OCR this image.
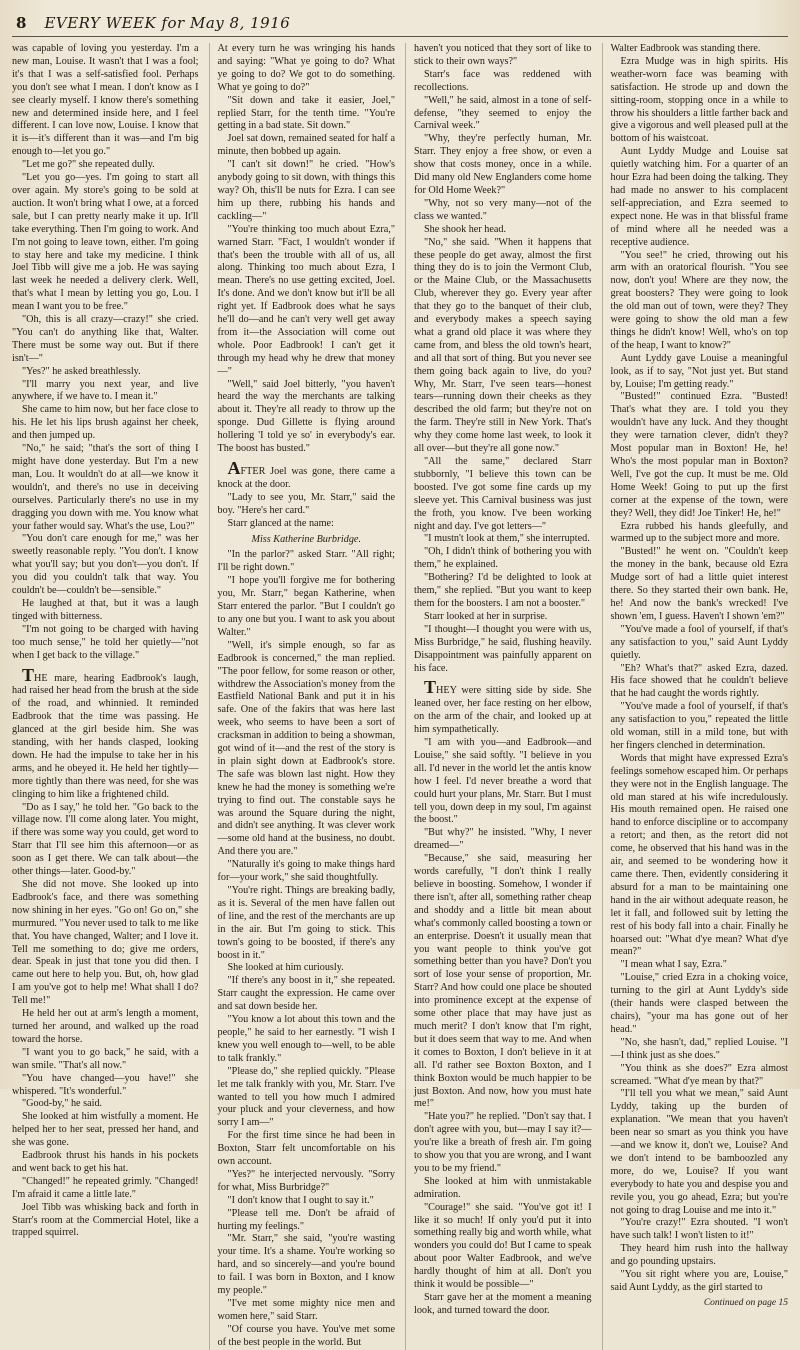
8 EVERY WEEK for May 8, 1916

was capable of loving you yesterday. I'm a new man, Louise. It wasn't that I was a fool; it's that I was a self-satisfied fool. Perhaps you don't see what I mean. I don't know as I see clearly myself. I know there's something new and determined inside here, and I feel different. I can love now, Louise. I know that it is—it's different than it was—and I'm big enough to—let you go."

"Let me go?" she repeated dully.

"Let you go—yes. I'm going to start all over again. My store's going to be sold at auction. It won't bring what I owe, at a forced sale, but I can pretty nearly make it up. It'll take everything. Then I'm going to work. And I'm not going to leave town, either. I'm going to stay here and take my medicine. I think Joel Tibb will give me a job. He was saying last week he needed a delivery clerk. Well, that's what I mean by letting you go, Lou. I mean I want you to be free."

"Oh, this is all crazy—crazy!" she cried. "You can't do anything like that, Walter. There must be some way out. But if there isn't—"

"Yes?" he asked breathlessly.

"I'll marry you next year, and live anywhere, if we have to. I mean it."

She came to him now, but her face close to his. He let his lips brush against her cheek, and then jumped up.

"No," he said; "that's the sort of thing I might have done yesterday. But I'm a new man, Lou. It wouldn't do at all—we know it wouldn't, and there's no use in deceiving ourselves. Particularly there's no use in my dragging you down with me. You know what your father would say. What's the use, Lou?"

"You don't care enough for me," was her sweetly reasonable reply. "You don't. I know what you'll say; but you don't—you don't. If you did you couldn't talk that way. You couldn't be—couldn't be—sensible."

He laughed at that, but it was a laugh tinged with bitterness.

"I'm not going to be charged with having too much sense," he told her quietly—"not when I get back to the village."

THE mare, hearing Eadbrook's laugh, had raised her head from the brush at the side of the road, and whinnied. It reminded Eadbrook that the time was passing. He glanced at the girl beside him. She was standing, with her hands clasped, looking down. He had the impulse to take her in his arms, and he obeyed it. He held her tightly—more tightly than there was need, for she was clinging to him like a frightened child.

"Do as I say," he told her. "Go back to the village now. I'll come along later. You might, if there was some way you could, get word to Starr that I'll see him this afternoon—or as soon as I get there. We can talk about—the other things—later. Good-by."

She did not move. She looked up into Eadbrook's face, and there was something now shining in her eyes. "Go on! Go on," she murmured. "You never used to talk to me like that. You have changed, Walter; and I love it. Tell me something to do; give me orders, dear. Speak in just that tone you did then. I came out here to help you. But, oh, how glad I am you've got to help me! What shall I do? Tell me!"

He held her out at arm's length a moment, turned her around, and walked up the road toward the horse.

"I want you to go back," he said, with a wan smile. "That's all now."

"You have changed—you have!" she whispered. "It's wonderful."

"Good-by," he said.

She looked at him wistfully a moment. He helped her to her seat, pressed her hand, and she was gone.

Eadbrook thrust his hands in his pockets and went back to get his hat.

"Changed!" he repeated grimly. "Changed! I'm afraid it came a little late."

Joel Tibb was whisking back and forth in Starr's room at the Commercial Hotel, like a trapped squirrel.

At every turn he was wringing his hands and saying: "What ye going to do? What ye going to do? We got to do something. What ye going to do?"

"Sit down and take it easier, Joel," replied Starr, for the tenth time. "You're getting in a bad state. Sit down."

Joel sat down, remained seated for half a minute, then bobbed up again.

"I can't sit down!" he cried. "How's anybody going to sit down, with things this way? Oh, this'll be nuts for Ezra. I can see him up there, rubbing his hands and cackling—"

"You're thinking too much about Ezra," warned Starr. "Fact, I wouldn't wonder if that's been the trouble with all of us, all along. Thinking too much about Ezra, I mean. There's no use getting excited, Joel. It's done. And we don't know but it'll be all right yet. If Eadbrook does what he says he'll do—and he can't very well get away from it—the Association will come out whole. Poor Eadbrook! I can't get it through my head why he drew that money—"

"Well," said Joel bitterly, "you haven't heard the way the merchants are talking about it. They're all ready to throw up the sponge. Dud Gillette is flying around hollering 'I told ye so' in everybody's ear. The boost has busted."

AFTER Joel was gone, there came a knock at the door.

"Lady to see you, Mr. Starr," said the boy. "Here's her card."

Starr glanced at the name:

Miss Katherine Burbridge.

"In the parlor?" asked Starr. "All right; I'll be right down."

"I hope you'll forgive me for bothering you, Mr. Starr," began Katherine, when Starr entered the parlor. "But I couldn't go to any one but you. I want to ask you about Walter."

"Well, it's simple enough, so far as Eadbrook is concerned," the man replied. "The poor fellow, for some reason or other, withdrew the Association's money from the Eastfield National Bank and put it in his safe. One of the fakirs that was here last week, who seems to have been a sort of cracksman in addition to being a showman, got wind of it—and the rest of the story is in plain sight down at Eadbrook's store. The safe was blown last night. How they knew he had the money is something we're trying to find out. The constable says he was around the Square during the night, and didn't see anything. It was clever work—some old hand at the business, no doubt. And there you are."

"Naturally it's going to make things hard for—your work," she said thoughtfully.

"You're right. Things are breaking badly, as it is. Several of the men have fallen out of line, and the rest of the merchants are up in the air. But I'm going to stick. This town's going to be boosted, if there's any boost in it."

She looked at him curiously.

"If there's any boost in it," she repeated. Starr caught the expression. He came over and sat down beside her.

"You know a lot about this town and the people," he said to her earnestly. "I wish I knew you well enough to—well, to be able to talk frankly."

"Please do," she replied quickly. "Please let me talk frankly with you, Mr. Starr. I've wanted to tell you how much I admired your pluck and your cleverness, and how sorry I am—"

For the first time since he had been in Boxton, Starr felt uncomfortable on his own account.

"Yes?" he interjected nervously. "Sorry for what, Miss Burbridge?"

"I don't know that I ought to say it."

"Please tell me. Don't be afraid of hurting my feelings."

"Mr. Starr," she said, "you're wasting your time. It's a shame. You're working so hard, and so sincerely—and you're bound to fail. I was born in Boxton, and I know my people."

"I've met some mighty nice men and women here," said Starr.

"Of course you have. You've met some of the best people in the world. But

haven't you noticed that they sort of like to stick to their own ways?"

Starr's face was reddened with recollections.

"Well," he said, almost in a tone of self-defense, "they seemed to enjoy the Carnival week."

"Why, they're perfectly human, Mr. Starr. They enjoy a free show, or even a show that costs money, once in a while. Did many old New Englanders come home for Old Home Week?"

"Why, not so very many—not of the class we wanted."

She shook her head.

"No," she said. "When it happens that these people do get away, almost the first thing they do is to join the Vermont Club, or the Maine Club, or the Massachusetts Club, wherever they go. Every year after that they go to the banquet of their club, and everybody makes a speech saying what a grand old place it was where they came from, and bless the old town's heart, and all that sort of thing. But you never see them going back again to live, do you? Why, Mr. Starr, I've seen tears—honest tears—running down their cheeks as they described the old farm; but they're not on the farm. They're still in New York. That's why they come home last week, to look it all over—but they're all gone now."

"All the same," declared Starr stubbornly, "I believe this town can be boosted. I've got some fine cards up my sleeve yet. This Carnival business was just the froth, you know. I've been working night and day. I've got letters—"

"I mustn't look at them," she interrupted.

"Oh, I didn't think of bothering you with them," he explained.

"Bothering? I'd be delighted to look at them," she replied. "But you want to keep them for the boosters. I am not a booster."

Starr looked at her in surprise.

"I thought—I thought you were with us, Miss Burbridge," he said, flushing heavily. Disappointment was painfully apparent on his face.

THEY were sitting side by side. She leaned over, her face resting on her elbow, on the arm of the chair, and looked up at him sympathetically.

"I am with you—and Eadbrook—and Louise," she said softly. "I believe in you all. I'd never in the world let the antis know how I feel. I'd never breathe a word that could hurt your plans, Mr. Starr. But I must tell you, down deep in my soul, I'm against the boost."

"But why?" he insisted. "Why, I never dreamed—"

"Because," she said, measuring her words carefully, "I don't think I really believe in boosting. Somehow, I wonder if there isn't, after all, something rather cheap and shoddy and a little bit mean about what's commonly called boosting a town or an enterprise. Doesn't it usually mean that you want people to think you've got something better than you have? Don't you sort of lose your sense of proportion, Mr. Starr? And how could one place be shouted into prominence except at the expense of some other place that may have just as much merit? I don't know that I'm right, but it does seem that way to me. And when it comes to Boxton, I don't believe in it at all. I'd rather see Boxton Boxton, and I think Boxton would be much happier to be just Boxton. And now, how you must hate me!"

"Hate you?" he replied. "Don't say that. I don't agree with you, but—may I say it?—you're like a breath of fresh air. I'm going to show you that you are wrong, and I want you to be my friend."

She looked at him with unmistakable admiration.

"Courage!" she said. "You've got it! I like it so much! If only you'd put it into something really big and worth while, what wonders you could do! But I came to speak about poor Walter Eadbrook, and we've hardly thought of him at all. Don't you think it would be possible—"

Starr gave her at the moment a meaning look, and turned toward the door.

Walter Eadbrook was standing there.

Ezra Mudge was in high spirits. His weather-worn face was beaming with satisfaction. He strode up and down the sitting-room, stopping once in a while to throw his shoulders a little farther back and give a vigorous and well pleased pull at the bottom of his waistcoat.

Aunt Lyddy Mudge and Louise sat quietly watching him. For a quarter of an hour Ezra had been doing the talking. They had made no answer to his complacent self-appreciation, and Ezra seemed to expect none. He was in that blissful frame of mind where all he needed was a receptive audience.

"You see!" he cried, throwing out his arm with an oratorical flourish. "You see now, don't you! Where are they now, the great boosters? They were going to look the old man out of town, were they? They were going to show the old man a few things he didn't know! Well, who's on top of the heap, I want to know?"

Aunt Lyddy gave Louise a meaningful look, as if to say, "Not just yet. But stand by, Louise; I'm getting ready."

"Busted!" continued Ezra. "Busted! That's what they are. I told you they wouldn't have any luck. And they thought they were tarnation clever, didn't they? Most popular man in Boxton! He, he! Who's the most popular man in Boxton? Well, I've got the cup. It must be me. Old Home Week! Going to put up the first corner at the expense of the town, were they? Well, they did! Joe Tinker! He, he!"

Ezra rubbed his hands gleefully, and warmed up to the subject more and more.

"Busted!" he went on. "Couldn't keep the money in the bank, because old Ezra Mudge sort of had a little quiet interest there. So they started their own bank. He, he! And now the bank's wrecked! I've shown 'em, I guess. Haven't I shown 'em?"

"You've made a fool of yourself, if that's any satisfaction to you," said Aunt Lyddy quietly.

"Eh? What's that?" asked Ezra, dazed. His face showed that he couldn't believe that he had caught the words rightly.

"You've made a fool of yourself, if that's any satisfaction to you," repeated the little old woman, still in a mild tone, but with her fingers clenched in determination.

Words that might have expressed Ezra's feelings somehow escaped him. Or perhaps they were not in the English language. The old man stared at his wife incredulously. His mouth remained open. He raised one hand to enforce discipline or to accompany a retort; and then, as the retort did not come, he observed that his hand was in the air, and seemed to be wondering how it came there. Then, evidently considering it absurd for a man to be maintaining one hand in the air without adequate reason, he let it fall, and followed suit by letting the rest of his body fall into a chair. Finally he hoarsed out: "What d'ye mean? What d'ye mean?"

"I mean what I say, Ezra."

"Louise," cried Ezra in a choking voice, turning to the girl at Aunt Lyddy's side (their hands were clasped between the chairs), "your ma has gone out of her head."

"No, she hasn't, dad," replied Louise. "I—I think just as she does."

"You think as she does?" Ezra almost screamed. "What d'ye mean by that?"

"I'll tell you what we mean," said Aunt Lyddy, taking up the burden of explanation. "We mean that you haven't been near so smart as you think you have—and we know it, don't we, Louise? And we don't intend to be bamboozled any more, do we, Louise? If you want everybody to hate you and despise you and revile you, you go ahead, Ezra; but you're not going to drag Louise and me into it."

"You're crazy!" Ezra shouted. "I won't have such talk! I won't listen to it!"

They heard him rush into the hallway and go pounding upstairs.

"You sit right where you are, Louise," said Aunt Lyddy, as the girl started to

Continued on page 15
